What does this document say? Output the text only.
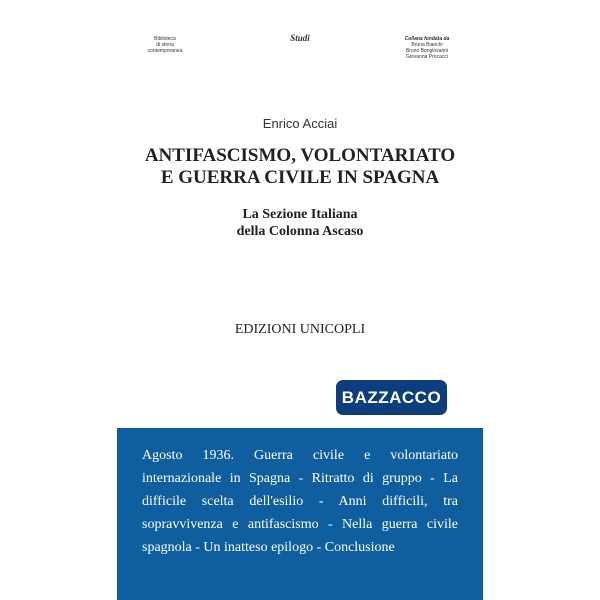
Biblioteca
di storia
contemporanea
Studi	Collana fondata da
Bruna Bianchi
Bruno Bongiovanni
Giovanna Procacci
Enrico Acciai
ANTIFASCISMO, VOLONTARIATO
E GUERRA CIVILE IN SPAGNA
La Sezione Italiana
della Colonna Ascaso
EDIZIONI UNICOPLI
Agosto 1936. Guerra civile e volontariato internazionale in Spagna - Ritratto di gruppo - La difficile scelta dell'esilio - Anni difficili, tra sopravvivenza e antifascismo - Nella guerra civile spagnola - Un inatteso epilogo - Conclusione
BAZZACCO
